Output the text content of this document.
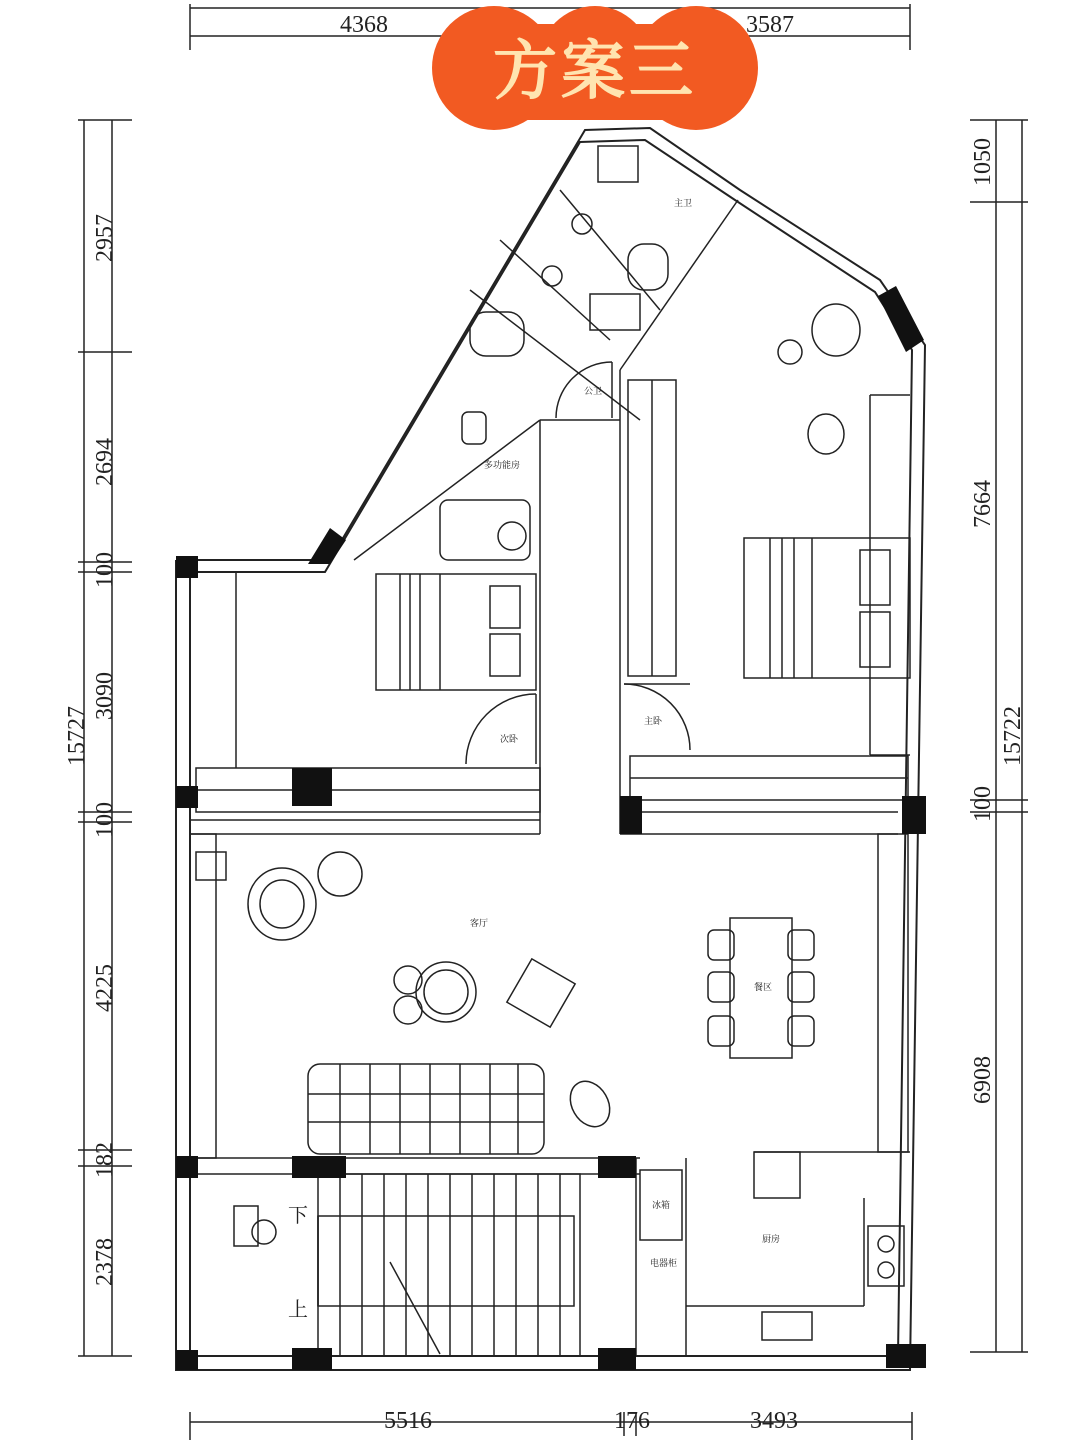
4368	3587
5516	176	3493
2957
2694
100
3090
100
4225
182
2378
15727
1050
7664
100
6908
15722
主卫
公卫
多功能房
次卧
主卧
客厅
餐区
厨房
冰箱
电器柜
下
上
方案三
